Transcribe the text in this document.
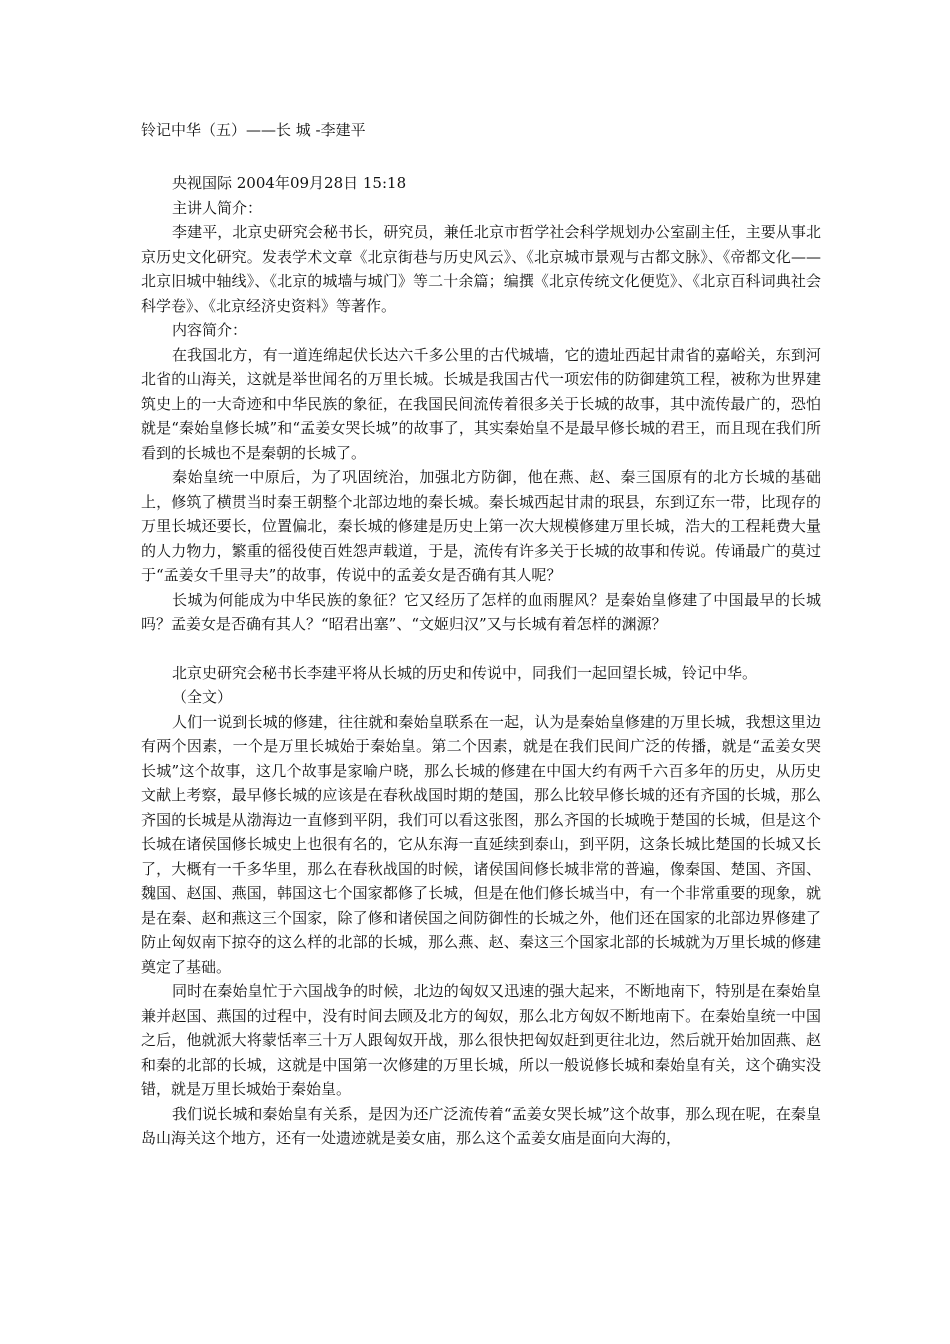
铃记中华（五）——长 城 -李建平
央视国际 2004年09月28日 15:18
主讲人简介：
李建平，北京史研究会秘书长，研究员，兼任北京市哲学社会科学规划办公室副主任，主要从事北京历史文化研究。发表学术文章《北京街巷与历史风云》、《北京城市景观与古都文脉》、《帝都文化——北京旧城中轴线》、《北京的城墙与城门》等二十余篇；编撰《北京传统文化便览》、《北京百科词典社会科学卷》、《北京经济史资料》等著作。
内容简介：
在我国北方，有一道连绵起伏长达六千多公里的古代城墙，它的遗址西起甘肃省的嘉峪关，东到河北省的山海关，这就是举世闻名的万里长城。长城是我国古代一项宏伟的防御建筑工程，被称为世界建筑史上的一大奇迹和中华民族的象征，在我国民间流传着很多关于长城的故事，其中流传最广的，恐怕就是“秦始皇修长城”和“孟姜女哭长城”的故事了，其实秦始皇不是最早修长城的君王，而且现在我们所看到的长城也不是秦朝的长城了。
秦始皇统一中原后，为了巩固统治，加强北方防御，他在燕、赵、秦三国原有的北方长城的基础上，修筑了横贯当时秦王朝整个北部边地的秦长城。秦长城西起甘肃的珉县，东到辽东一带，比现存的万里长城还要长，位置偏北，秦长城的修建是历史上第一次大规模修建万里长城，浩大的工程耗费大量的人力物力，繁重的徭役使百姓怨声载道，于是，流传有许多关于长城的故事和传说。传诵最广的莫过于“孟姜女千里寻夫”的故事，传说中的孟姜女是否确有其人呢？
长城为何能成为中华民族的象征？它又经历了怎样的血雨腥风？是秦始皇修建了中国最早的长城吗？孟姜女是否确有其人？“昭君出塞”、“文姬归汉”又与长城有着怎样的渊源？
北京史研究会秘书长李建平将从长城的历史和传说中，同我们一起回望长城，铃记中华。
（全文）
人们一说到长城的修建，往往就和秦始皇联系在一起，认为是秦始皇修建的万里长城，我想这里边有两个因素，一个是万里长城始于秦始皇。第二个因素，就是在我们民间广泛的传播，就是“孟姜女哭长城”这个故事，这几个故事是家喻户晓，那么长城的修建在中国大约有两千六百多年的历史，从历史文献上考察，最早修长城的应该是在春秋战国时期的楚国，那么比较早修长城的还有齐国的长城，那么齐国的长城是从渤海边一直修到平阴，我们可以看这张图，那么齐国的长城晚于楚国的长城，但是这个长城在诸侯国修长城史上也很有名的，它从东海一直延续到泰山，到平阴，这条长城比楚国的长城又长了，大概有一千多华里，那么在春秋战国的时候，诸侯国间修长城非常的普遍，像秦国、楚国、齐国、魏国、赵国、燕国，韩国这七个国家都修了长城，但是在他们修长城当中，有一个非常重要的现象，就是在秦、赵和燕这三个国家，除了修和诸侯国之间防御性的长城之外，他们还在国家的北部边界修建了防止匈奴南下掠夺的这么样的北部的长城，那么燕、赵、秦这三个国家北部的长城就为万里长城的修建奠定了基础。
同时在秦始皇忙于六国战争的时候，北边的匈奴又迅速的强大起来，不断地南下，特别是在秦始皇兼并赵国、燕国的过程中，没有时间去顾及北方的匈奴，那么北方匈奴不断地南下。在秦始皇统一中国之后，他就派大将蒙恬率三十万人跟匈奴开战，那么很快把匈奴赶到更往北边，然后就开始加固燕、赵和秦的北部的长城，这就是中国第一次修建的万里长城，所以一般说修长城和秦始皇有关，这个确实没错，就是万里长城始于秦始皇。
我们说长城和秦始皇有关系，是因为还广泛流传着“孟姜女哭长城”这个故事，那么现在呢，在秦皇岛山海关这个地方，还有一处遗迹就是姜女庙，那么这个孟姜女庙是面向大海的，
